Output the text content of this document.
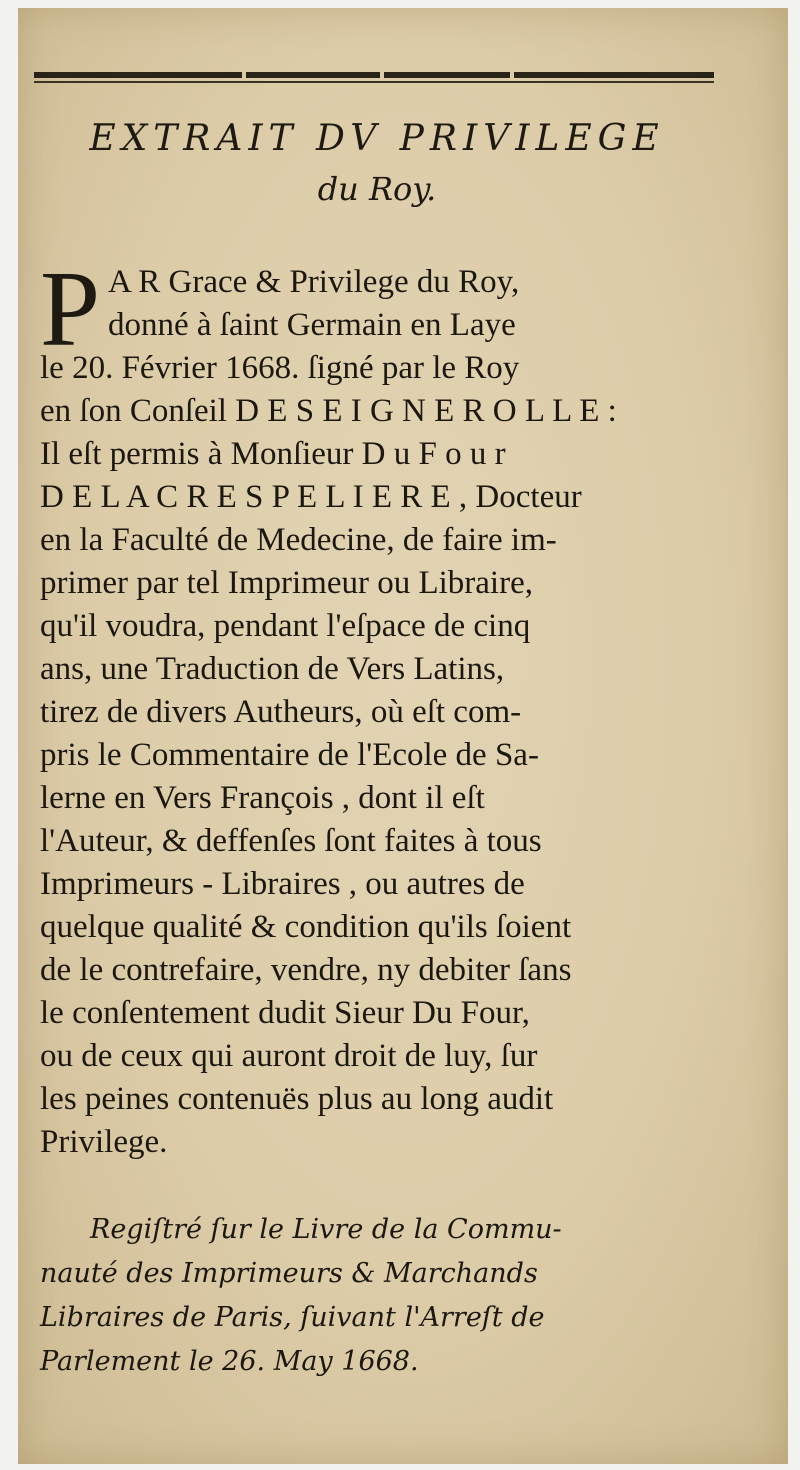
EXTRAIT DV PRIVILEGE
du Roy.
P A R Grace & Privilege du Roy,

donné à ſaint Germain en Laye

le 20. Février 1668. ſigné par le Roy

en ſon Conſeil D E S E I G N E R O L L E :

Il eſt permis à Monſieur D u F o u r

D E L A C R E S P E L I E R E , Docteur

en la Faculté de Medecine, de faire im-

primer par tel Imprimeur ou Libraire,

qu'il voudra, pendant l'eſpace de cinq

ans, une Traduction de Vers Latins,

tirez de divers Autheurs, où eſt com-

pris le Commentaire de l'Ecole de Sa-

lerne en Vers François , dont il eſt

l'Auteur, & deffenſes ſont faites à tous

Imprimeurs - Libraires , ou autres de

quelque qualité & condition qu'ils ſoient

de le contrefaire, vendre, ny debiter ſans

le conſentement dudit Sieur Du Four,

ou de ceux qui auront droit de luy, ſur

les peines contenuës plus au long audit

Privilege.

Regiſtré ſur le Livre de la Commu-

nauté des Imprimeurs & Marchands

Libraires de Paris, ſuivant l'Arreſt de

Parlement le 26. May 1668.
